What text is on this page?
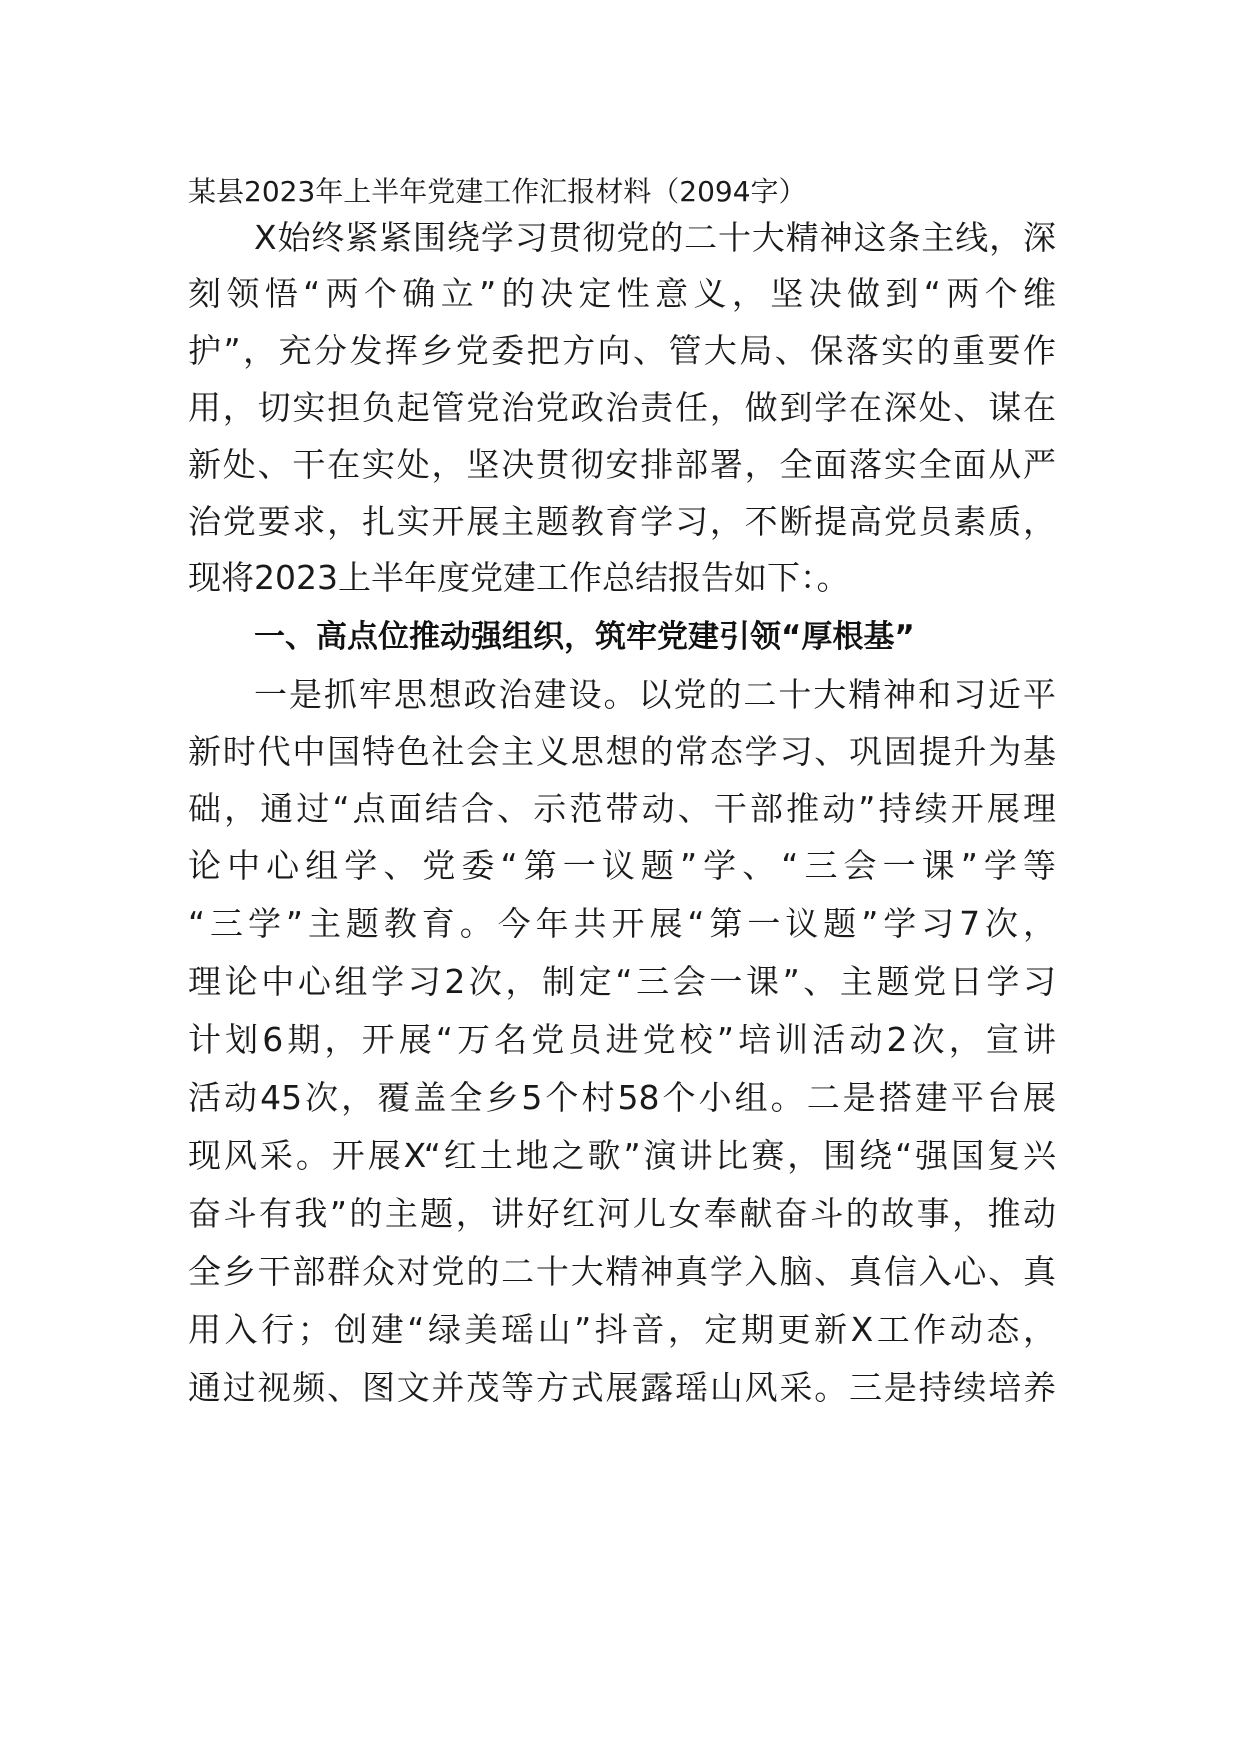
某县2023年上半年党建工作汇报材料（2094字）
X始终紧紧围绕学习贯彻党的二十大精神这条主线，深
刻领悟“两个确立”的决定性意义，坚决做到“两个维
护”，充分发挥乡党委把方向、管大局、保落实的重要作
用，切实担负起管党治党政治责任，做到学在深处、谋在
新处、干在实处，坚决贯彻安排部署，全面落实全面从严
治党要求，扎实开展主题教育学习，不断提高党员素质，
现将2023上半年度党建工作总结报告如下：。
一、高点位推动强组织，筑牢党建引领“厚根基”
一是抓牢思想政治建设。以党的二十大精神和习近平
新时代中国特色社会主义思想的常态学习、巩固提升为基
础，通过“点面结合、示范带动、干部推动”持续开展理
论中心组学、党委“第一议题”学、“三会一课”学等
“三学”主题教育。今年共开展“第一议题”学习7次，
理论中心组学习2次，制定“三会一课”、主题党日学习
计划6期，开展“万名党员进党校”培训活动2次，宣讲
活动45次，覆盖全乡5个村58个小组。二是搭建平台展
现风采。开展X“红土地之歌”演讲比赛，围绕“强国复兴
奋斗有我”的主题，讲好红河儿女奉献奋斗的故事，推动
全乡干部群众对党的二十大精神真学入脑、真信入心、真
用入行；创建“绿美瑶山”抖音，定期更新X工作动态，
通过视频、图文并茂等方式展露瑶山风采。三是持续培养
